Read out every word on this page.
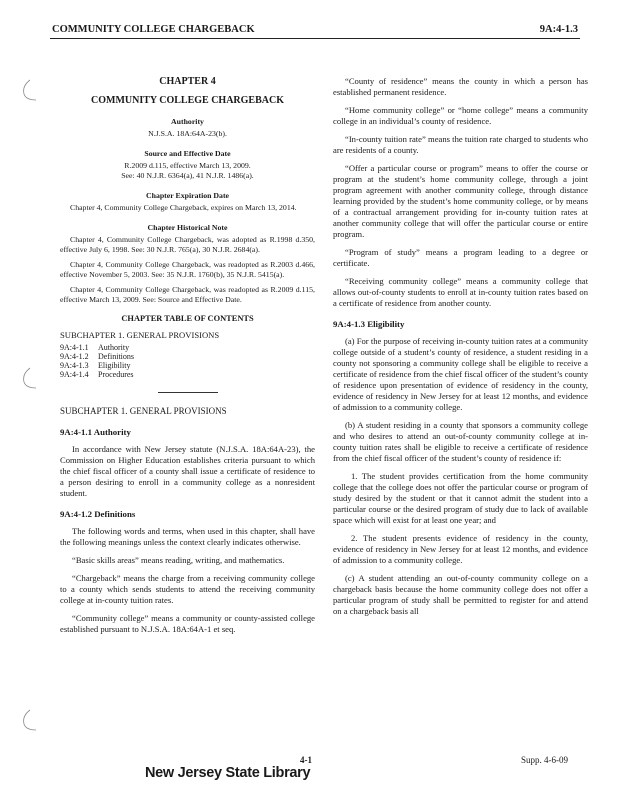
COMMUNITY COLLEGE CHARGEBACK	9A:4-1.3
CHAPTER 4
COMMUNITY COLLEGE CHARGEBACK
Authority
N.J.S.A. 18A:64A-23(b).
Source and Effective Date
R.2009 d.115, effective March 13, 2009.
See: 40 N.J.R. 6364(a), 41 N.J.R. 1486(a).
Chapter Expiration Date
Chapter 4, Community College Chargeback, expires on March 13, 2014.
Chapter Historical Note
Chapter 4, Community College Chargeback, was adopted as R.1998 d.350, effective July 6, 1998. See: 30 N.J.R. 765(a), 30 N.J.R. 2684(a).
Chapter 4, Community College Chargeback, was readopted as R.2003 d.466, effective November 5, 2003. See: 35 N.J.R. 1760(b), 35 N.J.R. 5415(a).
Chapter 4, Community College Chargeback, was readopted as R.2009 d.115, effective March 13, 2009. See: Source and Effective Date.
CHAPTER TABLE OF CONTENTS
SUBCHAPTER 1. GENERAL PROVISIONS
9A:4-1.1	Authority
9A:4-1.2	Definitions
9A:4-1.3	Eligibility
9A:4-1.4	Procedures
SUBCHAPTER 1. GENERAL PROVISIONS
9A:4-1.1 Authority

In accordance with New Jersey statute (N.J.S.A. 18A:64A-23), the Commission on Higher Education establishes criteria pursuant to which the chief fiscal officer of a county shall issue a certificate of residence to a person desiring to enroll in a community college as a nonresident student.

9A:4-1.2 Definitions

The following words and terms, when used in this chapter, shall have the following meanings unless the context clearly indicates otherwise.

“Basic skills areas” means reading, writing, and mathematics.

“Chargeback” means the charge from a receiving community college to a county which sends students to attend the receiving community college at in-county tuition rates.

“Community college” means a community or county-assisted college established pursuant to N.J.S.A. 18A:64A-1 et seq.

“County of residence” means the county in which a person has established permanent residence.

“Home community college” or “home college” means a community college in an individual’s county of residence.

“In-county tuition rate” means the tuition rate charged to students who are residents of a county.

“Offer a particular course or program” means to offer the course or program at the student’s home community college, through a joint program agreement with another community college, through distance learning provided by the student’s home community college, or by means of a contractual arrangement providing for in-county tuition rates at another community college that will offer the particular course or entire program.

“Program of study” means a program leading to a degree or certificate.

“Receiving community college” means a community college that allows out-of-county students to enroll at in-county tuition rates based on a certificate of residence from another county.

9A:4-1.3 Eligibility

(a) For the purpose of receiving in-county tuition rates at a community college outside of a student’s county of residence, a student residing in a county not sponsoring a community college shall be eligible to receive a certificate of residence from the chief fiscal officer of the student’s county of residence upon presentation of evidence of residency in the county, evidence of residency in New Jersey for at least 12 months, and evidence of admission to a community college.

(b) A student residing in a county that sponsors a community college and who desires to attend an out-of-county community college at in-county tuition rates shall be eligible to receive a certificate of residence from the chief fiscal officer of the student’s county of residence if:

1. The student provides certification from the home community college that the college does not offer the particular course or program of study desired by the student or that it cannot admit the student into a particular course or the desired program of study due to lack of available space which will exist for at least one year; and

2. The student presents evidence of residency in the county, evidence of residency in New Jersey for at least 12 months, and evidence of admission to a community college.

(c) A student attending an out-of-county community college on a chargeback basis because the home community college does not offer a particular program of study shall be permitted to register for and attend on a chargeback basis all

4-1	Supp. 4-6-09
New Jersey State Library
